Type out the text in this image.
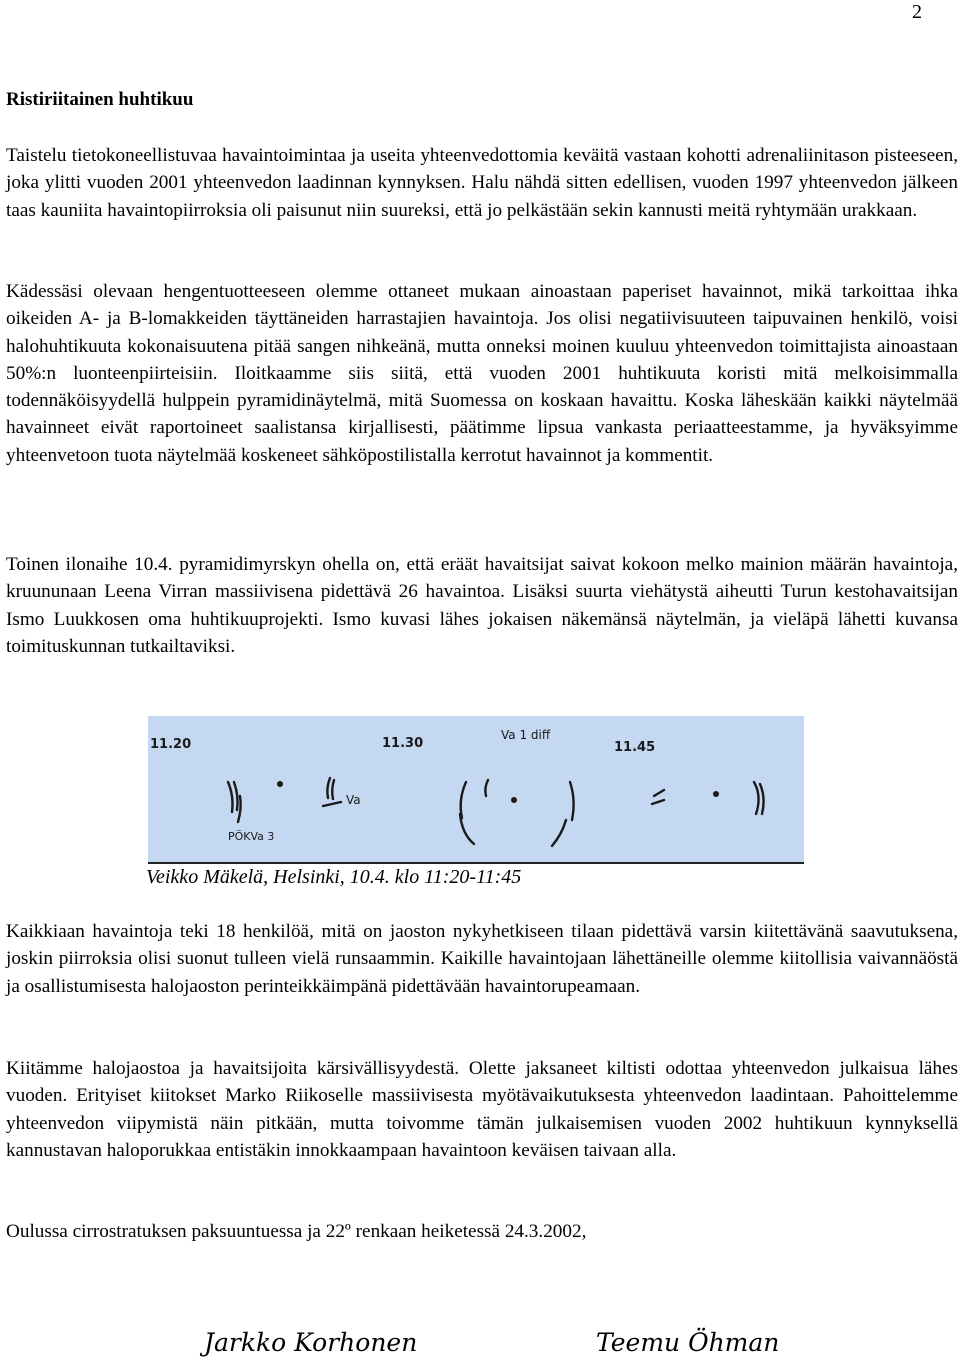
2
Ristiriitainen huhtikuu

Taistelu tietokoneellistuvaa havaintoimintaa ja useita yhteenvedottomia keväitä vastaan kohotti adrenaliinitason pisteeseen, joka ylitti vuoden 2001 yhteenvedon laadinnan kynnyksen. Halu nähdä sitten edellisen, vuoden 1997 yhteenvedon jälkeen taas kauniita havaintopiirroksia oli paisunut niin suureksi, että jo pelkästään sekin kannusti meitä ryhtymään urakkaan.

Kädessäsi olevaan hengentuotteeseen olemme ottaneet mukaan ainoastaan paperiset havainnot, mikä tarkoittaa ihka oikeiden A- ja B-lomakkeiden täyttäneiden harrastajien havaintoja. Jos olisi negatiivisuuteen taipuvainen henkilö, voisi halohuhtikuuta kokonaisuutena pitää sangen nihkeänä, mutta onneksi moinen kuuluu yhteenvedon toimittajista ainoastaan 50%:n luonteenpiirteisiin. Iloitkaamme siis siitä, että vuoden 2001 huhtikuuta koristi mitä melkoisimmalla todennäköisyydellä hulppein pyramidinäytelmä, mitä Suomessa on koskaan havaittu. Koska läheskään kaikki näytelmää havainneet eivät raportoineet saalistansa kirjallisesti, päätimme lipsua vankasta periaatteestamme, ja hyväksyimme yhteenvetoon tuota näytelmää koskeneet sähköpostilistalla kerrotut havainnot ja kommentit.

Toinen ilonaihe 10.4. pyramidimyrskyn ohella on, että eräät havaitsijat saivat kokoon melko mainion määrän havaintoja, kruununaan Leena Virran massiivisena pidettävä 26 havaintoa. Lisäksi suurta viehätystä aiheutti Turun kestohavaitsijan Ismo Luukkosen oma huhtikuuprojekti. Ismo kuvasi lähes jokaisen näkemänsä näytelmän, ja vieläpä lähetti kuvansa toimituskunnan tutkailtaviksi.

11.20	11.30	11.45
Va 1 diff
Va
PÖKVa 3
Veikko Mäkelä, Helsinki, 10.4. klo 11:20-11:45

Kaikkiaan havaintoja teki 18 henkilöä, mitä on jaoston nykyhetkiseen tilaan pidettävä varsin kiitettävänä saavutuksena, joskin piirroksia olisi suonut tulleen vielä runsaammin. Kaikille havaintojaan lähettäneille olemme kiitollisia vaivannäöstä ja osallistumisesta halojaoston perinteikkäimpänä pidettävään havaintorupeamaan.

Kiitämme halojaostoa ja havaitsijoita kärsivällisyydestä. Olette jaksaneet kiltisti odottaa yhteenvedon julkaisua lähes vuoden. Erityiset kiitokset Marko Riikoselle massiivisesta myötävaikutuksesta yhteenvedon laadintaan. Pahoittelemme yhteenvedon viipymistä näin pitkään, mutta toivomme tämän julkaisemisen vuoden 2002 huhtikuun kynnyksellä kannustavan haloporukkaa entistäkin innokkaampaan havaintoon keväisen taivaan alla.

Oulussa cirrostratuksen paksuuntuessa ja 22º renkaan heiketessä 24.3.2002,

Jarkko Korhonen	Teemu Öhman
